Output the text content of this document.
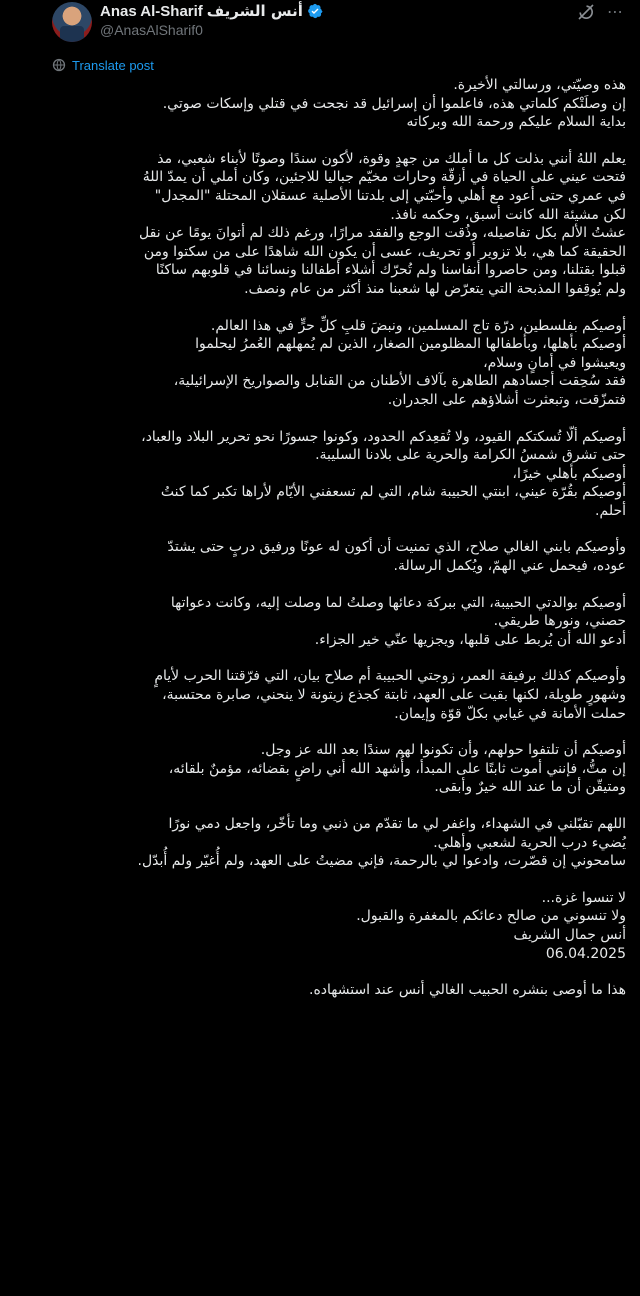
Anas Al-Sharif أنس الشريف
@AnasAlSharif0
⋯
Translate post

هذه وصيّتي، ورسالتي الأخيرة.
إن وصلَتْكم كلماتي هذه، فاعلموا أن إسرائيل قد نجحت في قتلي وإسكات صوتي.
بداية السلام عليكم ورحمة الله وبركاته

يعلم اللهُ أنني بذلت كل ما أملك من جهدٍ وقوة، لأكون سندًا وصوتًا لأبناء شعبي، مذ
فتحت عيني على الحياة في أزقّة وحارات مخيّم جباليا للاجئين، وكان أملي أن يمدّ اللهُ
في عمري حتى أعود مع أهلي وأحبّتي إلى بلدتنا الأصلية عسقلان المحتلة "المجدل"
لكن مشيئة الله كانت أسبق، وحكمه نافذ.
عشتُ الألم بكل تفاصيله، وذُقت الوجع والفقد مرارًا، ورغم ذلك لم أتوانَ يومًا عن نقل
الحقيقة كما هي، بلا تزوير أو تحريف، عسى أن يكون الله شاهدًا على من سكتوا ومن
قبلوا بقتلنا، ومن حاصروا أنفاسنا ولم تُحرّك أشلاء أطفالنا ونسائنا في قلوبهم ساكنًا
ولم يُوقِفوا المذبحة التي يتعرّض لها شعبنا منذ أكثر من عام ونصف.

أوصيكم بفلسطين، درّة تاج المسلمين، ونبضَ قلبِ كلِّ حرٍّ في هذا العالم.
أوصيكم بأهلها، وبأطفالها المظلومين الصغار، الذين لم يُمهلهم العُمرُ ليحلموا
ويعيشوا في أمانٍ وسلام،
فقد سُحِقت أجسادهم الطاهرة بآلاف الأطنان من القنابل والصواريخ الإسرائيلية،
فتمزّقت، وتبعثرت أشلاؤهم على الجدران.

أوصيكم ألّا تُسكتكم القيود، ولا تُقعِدكم الحدود، وكونوا جسورًا نحو تحرير البلاد والعباد،
حتى تشرق شمسُ الكرامة والحرية على بلادنا السليبة.
أوصيكم بأهلي خيرًا،
أوصيكم بقُرّة عيني، ابنتي الحبيبة شام، التي لم تسعفني الأيّام لأراها تكبر كما كنتُ
أحلم.

وأوصيكم بابني الغالي صلاح، الذي تمنيت أن أكون له عونًا ورفيق دربٍ حتى يشتدّ
عوده، فيحمل عني الهمّ، ويُكمل الرسالة.

أوصيكم بوالدتي الحبيبة، التي ببركة دعائها وصلتُ لما وصلت إليه، وكانت دعواتها
حصني، ونورها طريقي.
أدعو الله أن يُربط على قلبها، ويجزيها عنّي خير الجزاء.

وأوصيكم كذلك برفيقة العمر، زوجتي الحبيبة أم صلاح بيان، التي فرّقتنا الحرب لأيامٍ
وشهورٍ طويلة، لكنها بقيت على العهد، ثابتة كجذع زيتونة لا ينحني، صابرة محتسبة،
حملت الأمانة في غيابي بكلّ قوّة وإيمان.

أوصيكم أن تلتفوا حولهم، وأن تكونوا لهم سندًا بعد الله عز وجل.
إن متُّ، فإنني أموت ثابتًا على المبدأ، وأُشهد الله أني راضٍ بقضائه، مؤمنٌ بلقائه،
ومتيقّن أن ما عند الله خيرٌ وأبقى.

اللهم تقبّلني في الشهداء، واغفر لي ما تقدّم من ذنبي وما تأخّر، واجعل دمي نورًا
يُضيء درب الحرية لشعبي وأهلي.
سامحوني إن قصّرت، وادعوا لي بالرحمة، فإني مضيتُ على العهد، ولم أُغيّر ولم أُبدّل.

لا تنسوا غزة...
ولا تنسوني من صالح دعائكم بالمغفرة والقبول.
أنس جمال الشريف
06.04.2025

هذا ما أوصى بنشره الحبيب الغالي أنس عند استشهاده.
